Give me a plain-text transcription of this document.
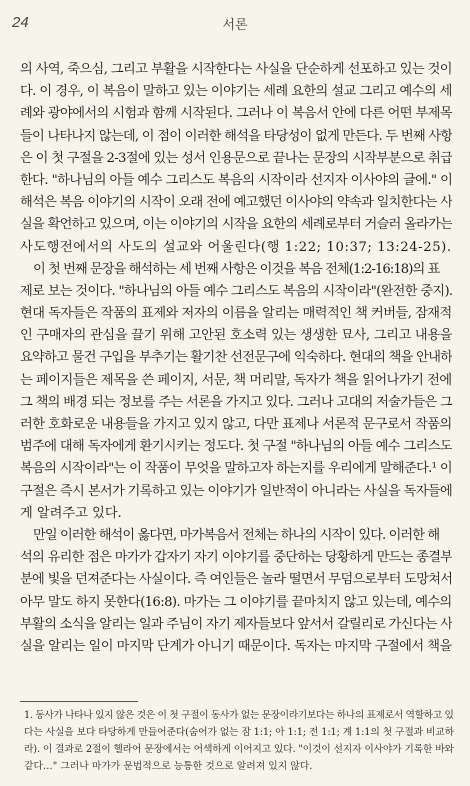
24	서론
의 사역, 죽으심, 그리고 부활을 시작한다는 사실을 단순하게 선포하고 있는 것이
다. 이 경우, 이 복음이 말하고 있는 이야기는 세례 요한의 설교 그리고 예수의 세
례와 광야에서의 시험과 함께 시작된다. 그러나 이 복음서 안에 다른 어떤 부제목
들이 나타나지 않는데, 이 점이 이러한 해석을 타당성이 없게 만든다. 두 번째 사항
은 이 첫 구절을 2-3절에 있는 성서 인용문으로 끝나는 문장의 시작부분으로 취급
한다. "하나님의 아들 예수 그리스도 복음의 시작이라 선지자 이사야의 글에." 이
해석은 복음 이야기의 시작이 오래 전에 예고했던 이사야의 약속과 일치한다는 사
실을 확언하고 있으며, 이는 이야기의 시작을 요한의 세례로부터 거슬러 올라가는
사도행전에서의 사도의 설교와 어울린다(행 1:22; 10:37; 13:24-25).
이 첫 번째 문장을 해석하는 세 번째 사항은 이것을 복음 전체(1:2-16:18)의 표
제로 보는 것이다. "하나님의 아들 예수 그리스도 복음의 시작이라"(완전한 중지).
현대 독자들은 작품의 표제와 저자의 이름을 알리는 매력적인 책 커버들, 잠재적
인 구매자의 관심을 끌기 위해 고안된 호소력 있는 생생한 묘사, 그리고 내용을
요약하고 물건 구입을 부추기는 활기찬 선전문구에 익숙하다. 현대의 책을 안내하
는 페이지들은 제목을 쓴 페이지, 서문, 책 머리말, 독자가 책을 읽어나가기 전에
그 책의 배경 되는 정보를 주는 서론을 가지고 있다. 그러나 고대의 저술가들은 그
러한 호화로운 내용들을 가지고 있지 않고, 다만 표제나 서론적 문구로서 작품의
범주에 대해 독자에게 환기시키는 정도다. 첫 구절 "하나님의 아들 예수 그리스도
복음의 시작이라"는 이 작품이 무엇을 말하고자 하는지를 우리에게 말해준다.¹ 이
구절은 즉시 본서가 기록하고 있는 이야기가 일반적이 아니라는 사실을 독자들에
게 알려주고 있다.
만일 이러한 해석이 옳다면, 마가복음서 전체는 하나의 시작이 있다. 이러한 해
석의 유리한 점은 마가가 갑자기 자기 이야기를 중단하는 당황하게 만드는 종결부
분에 빛을 던져준다는 사실이다. 즉 여인들은 놀라 떨면서 무덤으로부터 도망쳐서
아무 말도 하지 못한다(16:8). 마가는 그 이야기를 끝마치지 않고 있는데, 예수의
부활의 소식을 알리는 일과 주님이 자기 제자들보다 앞서서 갈릴리로 가신다는 사
실을 알리는 일이 마지막 단계가 아니기 때문이다. 독자는 마지막 구절에서 책을
1. 동사가 나타나 있지 않은 것은 이 첫 구절이 동사가 없는 문장이라기보다는 하나의 표제로서 역할하고 있
다는 사실을 보다 타당하게 만들어준다(숨어가 없는 잠 1:1; 아 1:1; 전 1:1; 계 1:1의 첫 구절과 비교하
라). 이 결과로 2절이 헬라어 문장에서는 어색하게 이어지고 있다. "이것이 선지자 이사야가 기록한 바와
같다…" 그러나 마가가 문법적으로 능통한 것으로 알려져 있지 않다.
